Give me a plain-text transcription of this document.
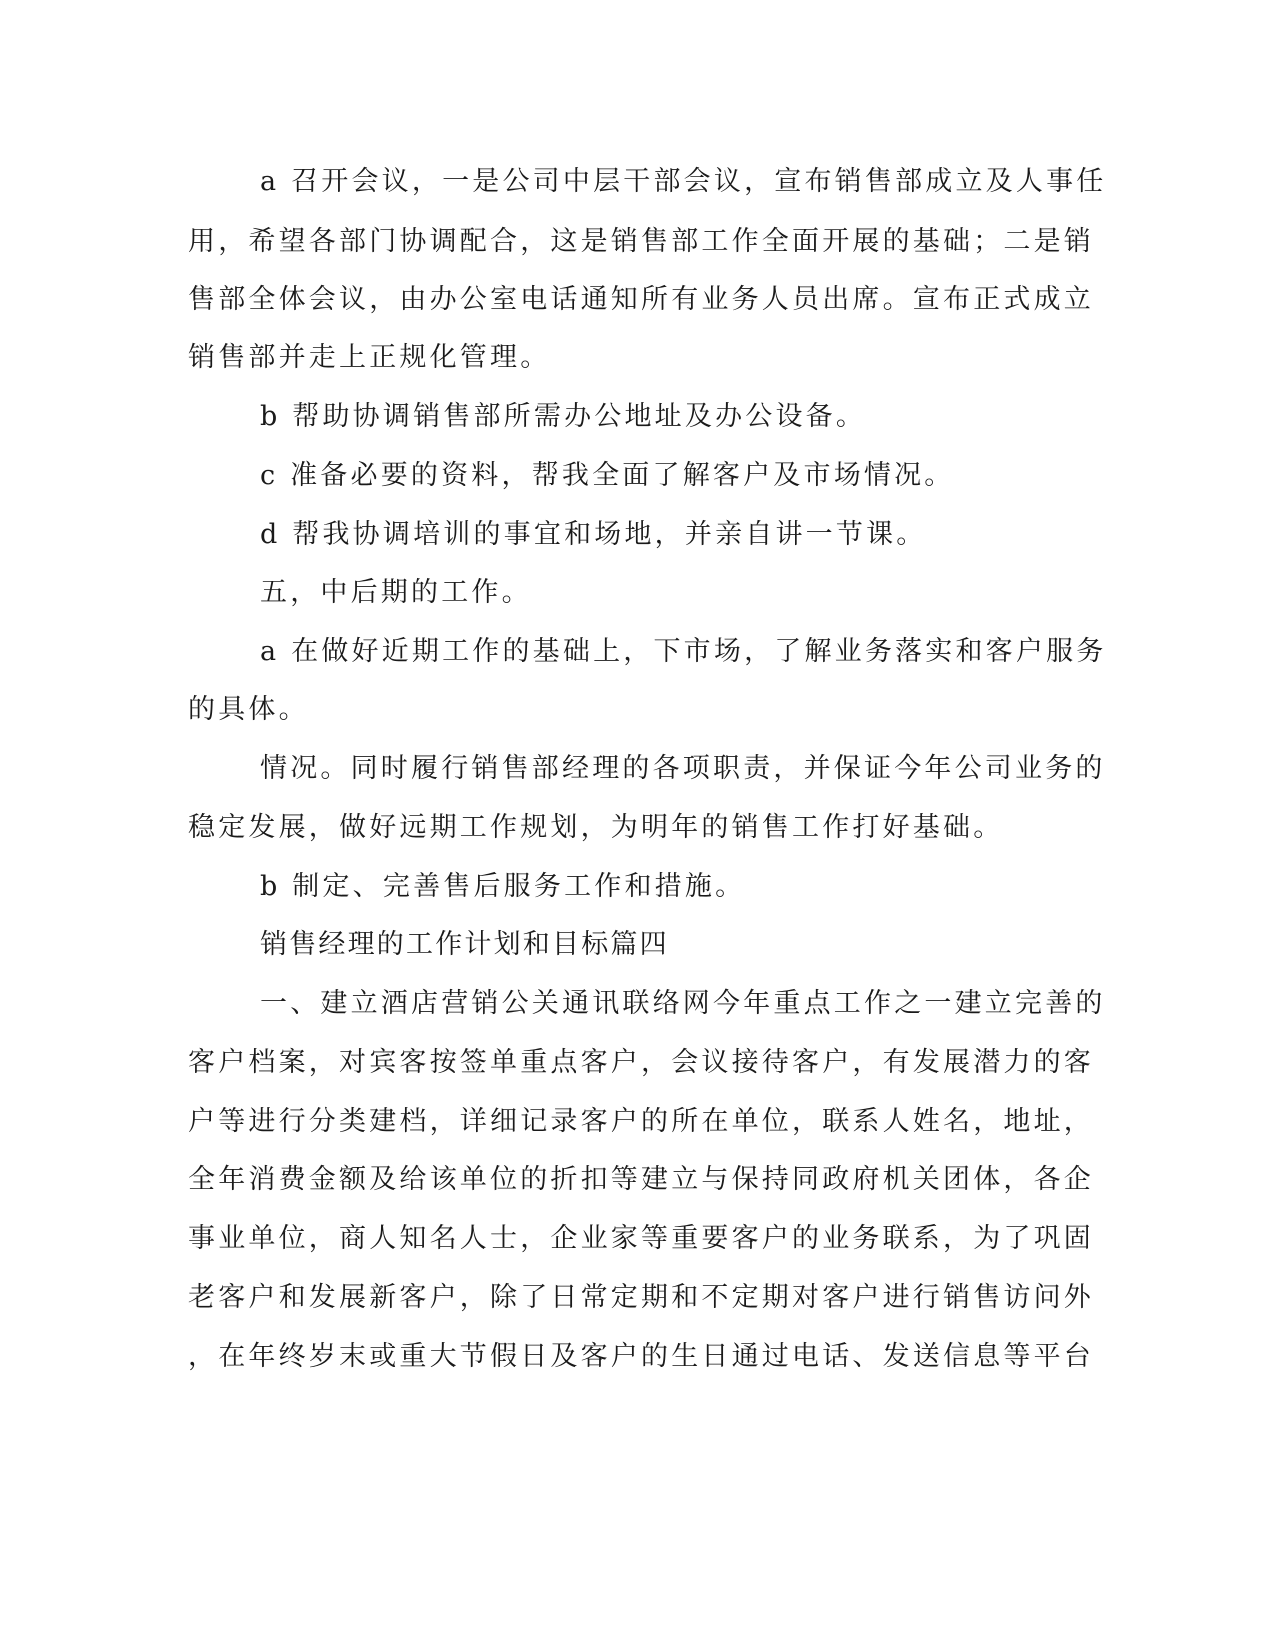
a 召开会议，一是公司中层干部会议，宣布销售部成立及人事任
用，希望各部门协调配合，这是销售部工作全面开展的基础；二是销
售部全体会议，由办公室电话通知所有业务人员出席。宣布正式成立
销售部并走上正规化管理。
b 帮助协调销售部所需办公地址及办公设备。
c 准备必要的资料，帮我全面了解客户及市场情况。
d 帮我协调培训的事宜和场地，并亲自讲一节课。
五，中后期的工作。
a 在做好近期工作的基础上，下市场，了解业务落实和客户服务
的具体。
情况。同时履行销售部经理的各项职责，并保证今年公司业务的
稳定发展，做好远期工作规划，为明年的销售工作打好基础。
b 制定、完善售后服务工作和措施。
销售经理的工作计划和目标篇四
一、建立酒店营销公关通讯联络网今年重点工作之一建立完善的
客户档案，对宾客按签单重点客户，会议接待客户，有发展潜力的客
户等进行分类建档，详细记录客户的所在单位，联系人姓名，地址，
全年消费金额及给该单位的折扣等建立与保持同政府机关团体，各企
事业单位，商人知名人士，企业家等重要客户的业务联系，为了巩固
老客户和发展新客户，除了日常定期和不定期对客户进行销售访问外
，在年终岁末或重大节假日及客户的生日通过电话、发送信息等平台
